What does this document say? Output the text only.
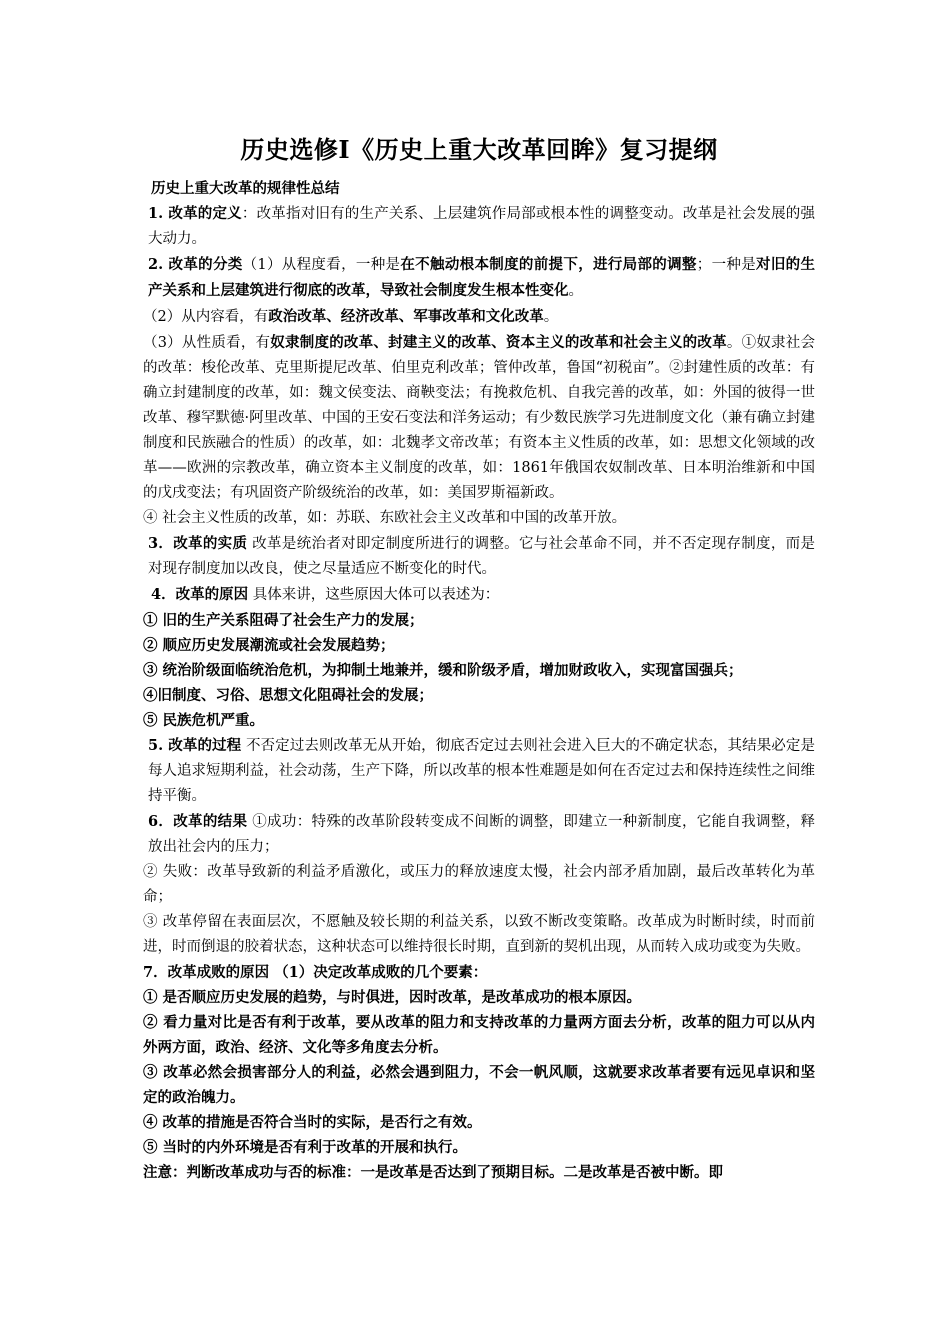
历史选修Ⅰ《历史上重大改革回眸》复习提纲

历史上重大改革的规律性总结

1. 改革的定义：改革指对旧有的生产关系、上层建筑作局部或根本性的调整变动。改革是社会发展的强大动力。

2. 改革的分类（1）从程度看，一种是在不触动根本制度的前提下，进行局部的调整；一种是对旧的生产关系和上层建筑进行彻底的改革，导致社会制度发生根本性变化。

（2）从内容看，有政治改革、经济改革、军事改革和文化改革。

（3）从性质看，有奴隶制度的改革、封建主义的改革、资本主义的改革和社会主义的改革。①奴隶社会的改革：梭伦改革、克里斯提尼改革、伯里克利改革；管仲改革，鲁国“初税亩”。②封建性质的改革：有确立封建制度的改革，如：魏文侯变法、商鞅变法；有挽救危机、自我完善的改革，如：外国的彼得一世改革、穆罕默德·阿里改革、中国的王安石变法和洋务运动；有少数民族学习先进制度文化（兼有确立封建制度和民族融合的性质）的改革，如：北魏孝文帝改革；有资本主义性质的改革，如：思想文化领域的改革——欧洲的宗教改革，确立资本主义制度的改革，如：1861年俄国农奴制改革、日本明治维新和中国的戊戌变法；有巩固资产阶级统治的改革，如：美国罗斯福新政。

④ 社会主义性质的改革，如：苏联、东欧社会主义改革和中国的改革开放。

3．改革的实质 改革是统治者对即定制度所进行的调整。它与社会革命不同，并不否定现存制度，而是对现存制度加以改良，使之尽量适应不断变化的时代。

4．改革的原因 具体来讲，这些原因大体可以表述为：

① 旧的生产关系阻碍了社会生产力的发展；

② 顺应历史发展潮流或社会发展趋势；

③ 统治阶级面临统治危机，为抑制土地兼并，缓和阶级矛盾，增加财政收入，实现富国强兵；

④旧制度、习俗、思想文化阻碍社会的发展；

⑤ 民族危机严重。

5. 改革的过程 不否定过去则改革无从开始，彻底否定过去则社会进入巨大的不确定状态，其结果必定是每人追求短期利益，社会动荡，生产下降，所以改革的根本性难题是如何在否定过去和保持连续性之间维持平衡。

6．改革的结果 ①成功：特殊的改革阶段转变成不间断的调整，即建立一种新制度，它能自我调整，释放出社会内的压力；

② 失败：改革导致新的利益矛盾激化，或压力的释放速度太慢，社会内部矛盾加剧，最后改革转化为革命；

③ 改革停留在表面层次，不愿触及较长期的利益关系，以致不断改变策略。改革成为时断时续，时而前进，时而倒退的胶着状态，这种状态可以维持很长时期，直到新的契机出现，从而转入成功或变为失败。

7．改革成败的原因 （1）决定改革成败的几个要素：

① 是否顺应历史发展的趋势，与时俱进，因时改革，是改革成功的根本原因。

② 看力量对比是否有利于改革，要从改革的阻力和支持改革的力量两方面去分析，改革的阻力可以从内外两方面，政治、经济、文化等多角度去分析。

③ 改革必然会损害部分人的利益，必然会遇到阻力，不会一帆风顺，这就要求改革者要有远见卓识和坚定的政治魄力。

④ 改革的措施是否符合当时的实际，是否行之有效。

⑤ 当时的内外环境是否有利于改革的开展和执行。

注意：判断改革成功与否的标准：一是改革是否达到了预期目标。二是改革是否被中断。即
